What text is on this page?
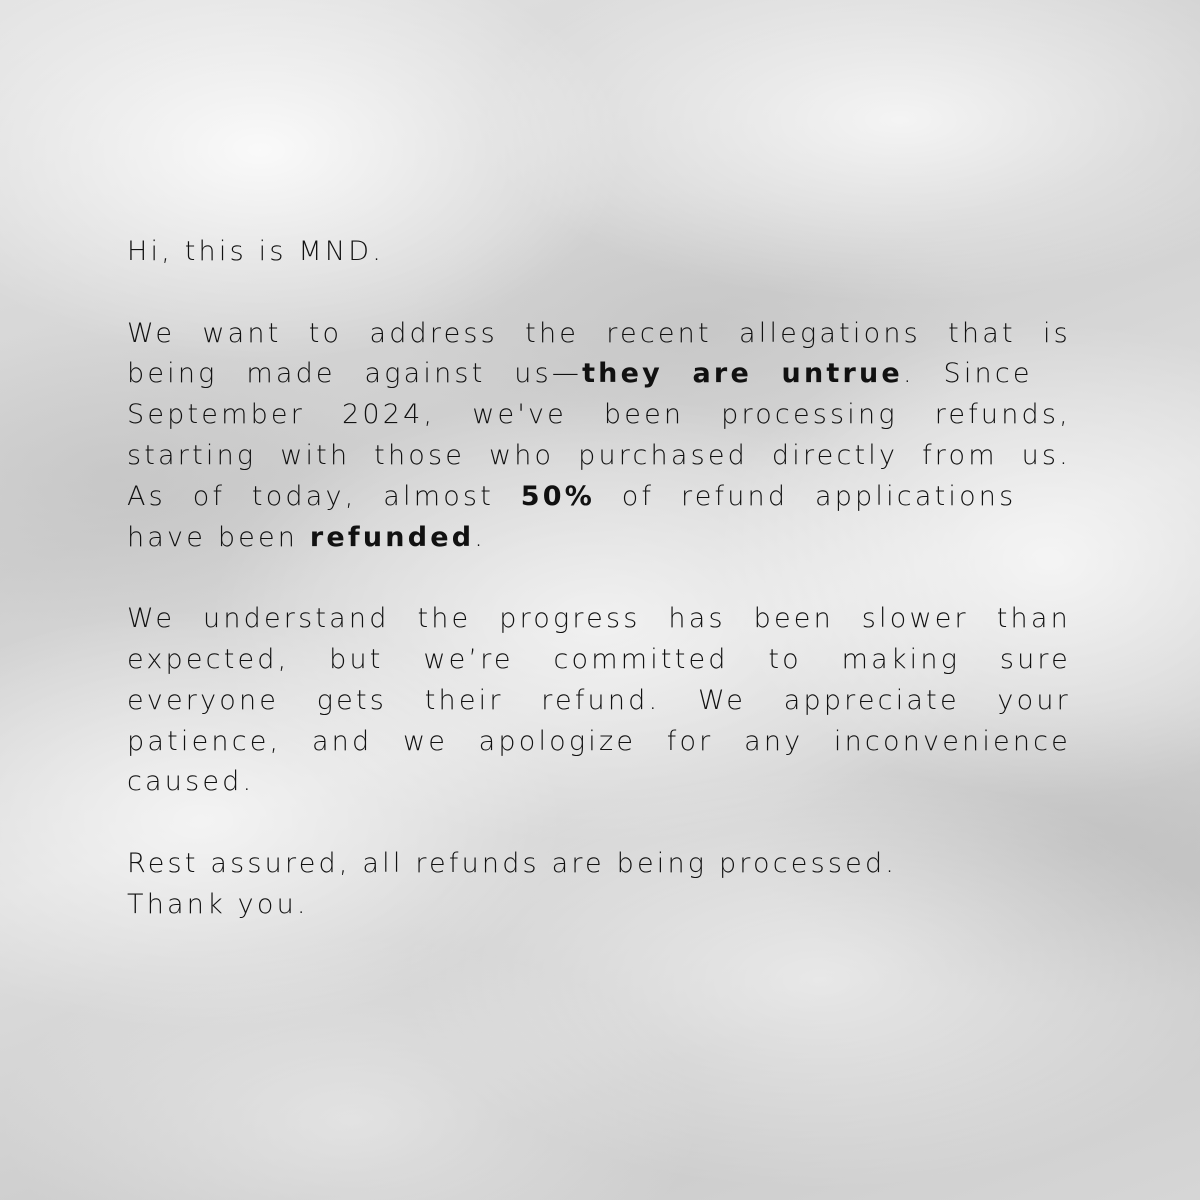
Hi, this is MND.
We want to address the recent allegations that is
being made against us—they are untrue. Since
September 2024, we've been processing refunds,
starting with those who purchased directly from us.
As of today, almost 50% of refund applications
have been refunded.
We understand the progress has been slower than
expected, but we’re committed to making sure
everyone gets their refund. We appreciate your
patience, and we apologize for any inconvenience
caused.
Rest assured, all refunds are being processed.
Thank you.
